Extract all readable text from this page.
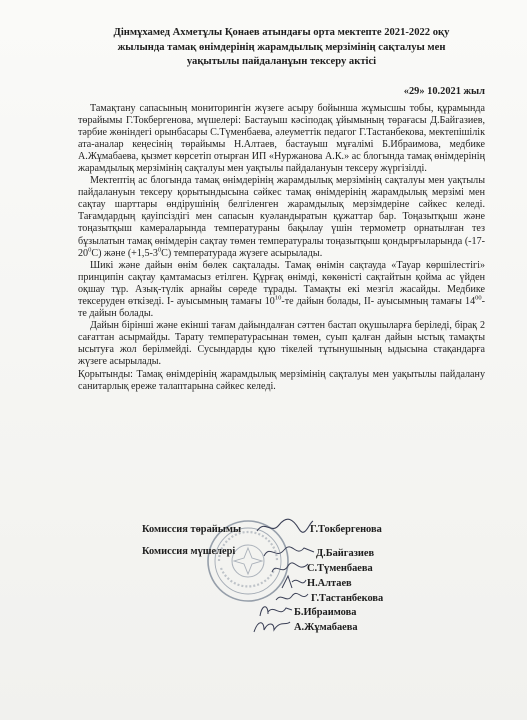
Дінмұхамед Ахметұлы Қонаев атындағы орта мектепте 2021-2022 оқу
жылында тамақ өнімдерінің жарамдылық мерзімінің сақталуы мен
уақытылы пайдаланұын тексеру актісі
«29» 10.2021 жыл

Тамақтану сапасының мониторингін жүзеге асыру бойынша жұмысшы тобы, құрамында төрайымы Г.Токбергенова, мүшелері: Бастауыш кәсіподақ ұйымының төрағасы Д.Байгазиев, тәрбие жөніндегі орынбасары С.Түменбаева, әлеуметтік педагог Г.Тастанбекова, мектепішілік ата-аналар кеңесінің төрайымы Н.Алтаев, бастауыш мұғалімі Б.Ибраимова, медбике А.Жұмабаева, қызмет көрсетіп отырған ИП «Нуржанова А.К.» ас блогында тамақ өнімдерінің жарамдылық мерзімінің сақталуы мен уақтылы пайдалануын тексеру жүргізілді.

Мектептің ас блогында тамақ өнімдерінің жарамдылық мерзімінің сақталуы мен уақтылы пайдалануын тексеру қорытындысына сәйкес тамақ өнімдерінің жарамдылық мерзімі мен сақтау шарттары өндірушінің белгіленген жарамдылық мерзімдеріне сәйкес келеді. Тағамдардың қауіпсіздігі мен сапасын куәландыратын құжаттар бар. Тоңазытқыш және тоңазытқыш камераларында температураны бақылау үшін термометр орнатылған тез бұзылатын тамақ өнімдерін сақтау төмен температуралы тоңазытқыш қондырғыларында $(-17-20^0С)$ және $(+1,5-3^0С)$ температурада жүзеге асырылады.

Шикі және дайын өнім бөлек сақталады. Тамақ өнімін сақтауда «Тауар көршілестігі» принципін сақтау қамтамасыз етілген. Құрғақ өнімді, көкөністі сақтайтын қойма ас үйден оқшау тұр. Азық-түлік арнайы сөреде тұрады. Тамақты екі мезгіл жасайды. Медбике тексеруден өткізеді. I- ауысымның тамағы $10^{10}-те$ дайын болады, II- ауысымның тамағы $14^{00}-те$ дайын болады.

Дайын бірінші және екінші тағам дайындалған сәттен бастап оқушыларға беріледі, бірақ 2 сағаттан асырмайды. Тарату температурасынан төмен, суып қалған дайын ыстық тамақты ысытуға жол берілмейді. Сусындарды құю тікелей тұтынушының ыдысына стақандарға жүзеге асырылады.

Қорытынды: Тамақ өнімдерінің жарамдылық мерзімінің сақталуы мен уақытылы пайдалану санитарлық ереже талаптарына сәйкес келеді.

Комиссия төрайымы	Г.Токбергенова
Комиссия мүшелері	Д.Байгазиев
С.Түменбаева
Н.Алтаев
Г.Тастанбекова
Б.Ибраимова
А.Жұмабаева
